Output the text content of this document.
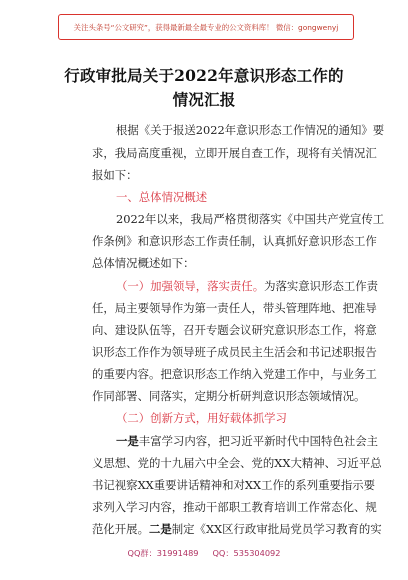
关注头条号“公文研究”，获得最新最全最专业的公文资料库！ 微信：gongwenyj
行政审批局关于2022年意识形态工作的
情况汇报
根据《关于报送2022年意识形态工作情况的通知》要
求，我局高度重视，立即开展自查工作，现将有关情况汇
报如下：
一、总体情况概述
2022年以来，我局严格贯彻落实《中国共产党宣传工
作条例》和意识形态工作责任制，认真抓好意识形态工作
总体情况概述如下：
（一）加强领导，落实责任。为落实意识形态工作责
任，局主要领导作为第一责任人，带头管理阵地、把准导
向、建设队伍等，召开专题会议研究意识形态工作，将意
识形态工作作为领导班子成员民主生活会和书记述职报告
的重要内容。把意识形态工作纳入党建工作中，与业务工
作同部署、同落实，定期分析研判意识形态领域情况。
（二）创新方式，用好载体抓学习
一是丰富学习内容，把习近平新时代中国特色社会主
义思想、党的十九届六中全会、党的XX大精神、习近平总
书记视察XX重要讲话精神和对XX工作的系列重要指示要
求列入学习内容，推动干部职工教育培训工作常态化、规
范化开展。二是制定《XX区行政审批局党员学习教育的实
QQ群：31991489 QQ：535304092
